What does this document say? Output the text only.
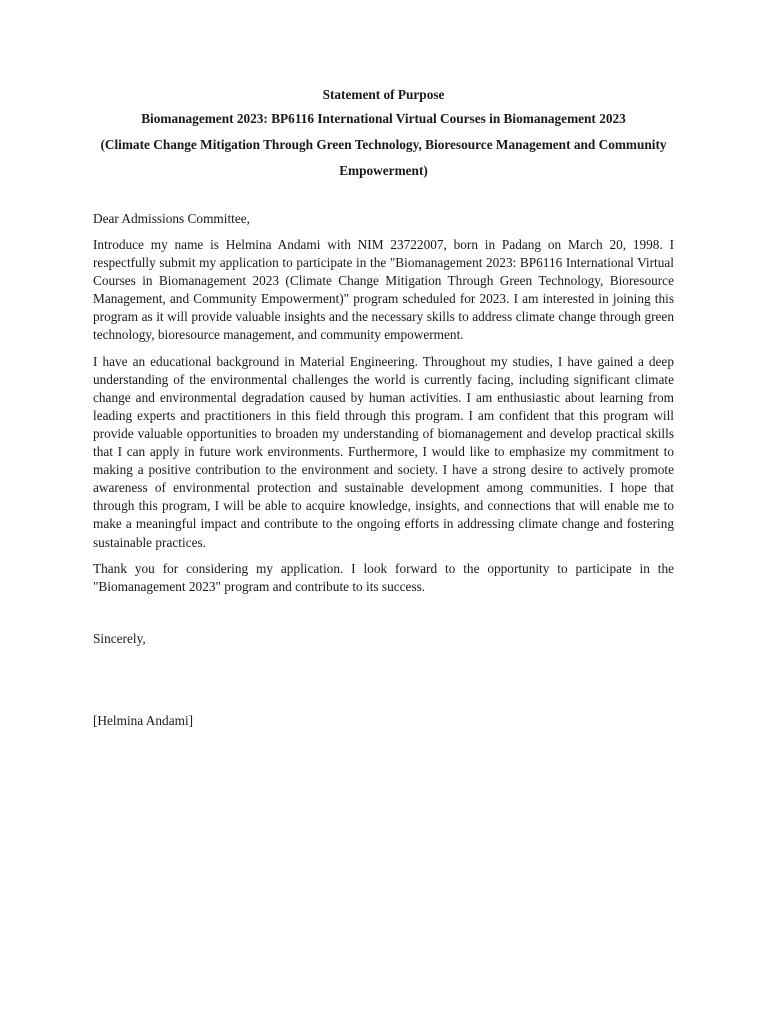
Statement of Purpose
Biomanagement 2023: BP6116 International Virtual Courses in Biomanagement 2023
(Climate Change Mitigation Through Green Technology, Bioresource Management and Community Empowerment)

Dear Admissions Committee,

Introduce my name is Helmina Andami with NIM 23722007, born in Padang on March 20, 1998. I respectfully submit my application to participate in the "Biomanagement 2023: BP6116 International Virtual Courses in Biomanagement 2023 (Climate Change Mitigation Through Green Technology, Bioresource Management, and Community Empowerment)" program scheduled for 2023. I am interested in joining this program as it will provide valuable insights and the necessary skills to address climate change through green technology, bioresource management, and community empowerment.

I have an educational background in Material Engineering. Throughout my studies, I have gained a deep understanding of the environmental challenges the world is currently facing, including significant climate change and environmental degradation caused by human activities. I am enthusiastic about learning from leading experts and practitioners in this field through this program. I am confident that this program will provide valuable opportunities to broaden my understanding of biomanagement and develop practical skills that I can apply in future work environments. Furthermore, I would like to emphasize my commitment to making a positive contribution to the environment and society. I have a strong desire to actively promote awareness of environmental protection and sustainable development among communities. I hope that through this program, I will be able to acquire knowledge, insights, and connections that will enable me to make a meaningful impact and contribute to the ongoing efforts in addressing climate change and fostering sustainable practices.

Thank you for considering my application. I look forward to the opportunity to participate in the "Biomanagement 2023" program and contribute to its success.

Sincerely,

[Helmina Andami]
